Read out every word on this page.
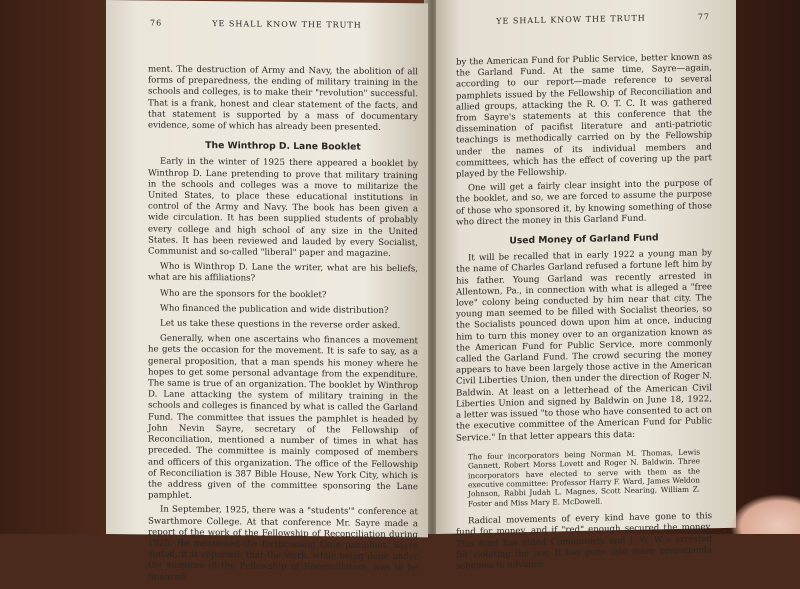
76	YE SHALL KNOW THE TRUTH

ment. The destruction of Army and Navy, the abolition of all forms of preparedness, the ending of military training in the schools and colleges, is to make their "revolution" successful. That is a frank, honest and clear statement of the facts, and that statement is supported by a mass of documentary evidence, some of which has already been presented.

The Winthrop D. Lane Booklet

Early in the winter of 1925 there appeared a booklet by Winthrop D. Lane pretending to prove that military training in the schools and colleges was a move to militarize the United States, to place these educational institutions in control of the Army and Navy. The book has been given a wide circulation. It has been supplied students of probably every college and high school of any size in the United States. It has been reviewed and lauded by every Socialist, Communist and so-called "liberal" paper and magazine.

Who is Winthrop D. Lane the writer, what are his beliefs, what are his affiliations?
Who are the sponsors for the booklet?
Who financed the publication and wide distribution?
Let us take these questions in the reverse order asked.

Generally, when one ascertains who finances a movement he gets the occasion for the movement. It is safe to say, as a general proposition, that a man spends his money where he hopes to get some personal advantage from the expenditure. The same is true of an organization. The booklet by Winthrop D. Lane attacking the system of military training in the schools and colleges is financed by what is called the Garland Fund. The committee that issues the pamphlet is headed by John Nevin Sayre, secretary of the Fellowship of Reconciliation, mentioned a number of times in what has preceded. The committee is mainly composed of members and officers of this organization. The office of the Fellowship of Reconciliation is 387 Bible House, New York City, which is the address given of the committee sponsoring the Lane pamphlet.

In September, 1925, there was a "students'" conference at Swarthmore College. At that conference Mr. Sayre made a report of the work of the Fellowship of Reconciliation during 1925. He mentioned the forthcoming Lane pamphlet. Sayre stated, it is reported, that the work, while being done under the auspices of the Fellowship of Reconciliation, was to be financed

YE SHALL KNOW THE TRUTH	77

by the American Fund for Public Service, better known as the Garland Fund. At the same time, Sayre—again, according to our report—made reference to several pamphlets issued by the Fellowship of Reconciliation and allied groups, attacking the R. O. T. C. It was gathered from Sayre's statements at this conference that the dissemination of pacifist literature and anti-patriotic teachings is methodically carried on by the Fellowship under the names of its individual members and committees, which has the effect of covering up the part played by the Fellowship.

One will get a fairly clear insight into the purpose of the booklet, and so, we are forced to assume the purpose of those who sponsored it, by knowing something of those who direct the money in this Garland Fund.

Used Money of Garland Fund

It will be recalled that in early 1922 a young man by the name of Charles Garland refused a fortune left him by his father. Young Garland was recently arrested in Allentown, Pa., in connection with what is alleged a "free love" colony being conducted by him near that city. The young man seemed to be filled with Socialist theories, so the Socialists pounced down upon him at once, inducing him to turn this money over to an organization known as the American Fund for Public Service, more commonly called the Garland Fund. The crowd securing the money appears to have been largely those active in the American Civil Liberties Union, then under the direction of Roger N. Baldwin. At least on a letterhead of the American Civil Liberties Union and signed by Baldwin on June 18, 1922, a letter was issued "to those who have consented to act on the executive committee of the American Fund for Public Service." In that letter appears this data:

The four incorporators being Norman M. Thomas, Lewis Gannett, Robert Morss Lovett and Roger N. Baldwin. Three incorporators have elected to serve with them as the executive committee: Professor Harry F. Ward, James Weldon Johnson, Rabbi Judah L. Magnes, Scott Nearing, William Z. Foster and Miss Mary E. McDowell.

Radical movements of every kind have gone to this fund for money, and if "red" enough secured the money. This fund has aided Communists and J. W. W.'s arrested for violating the law. It has gone into many propaganda schemes to advance
